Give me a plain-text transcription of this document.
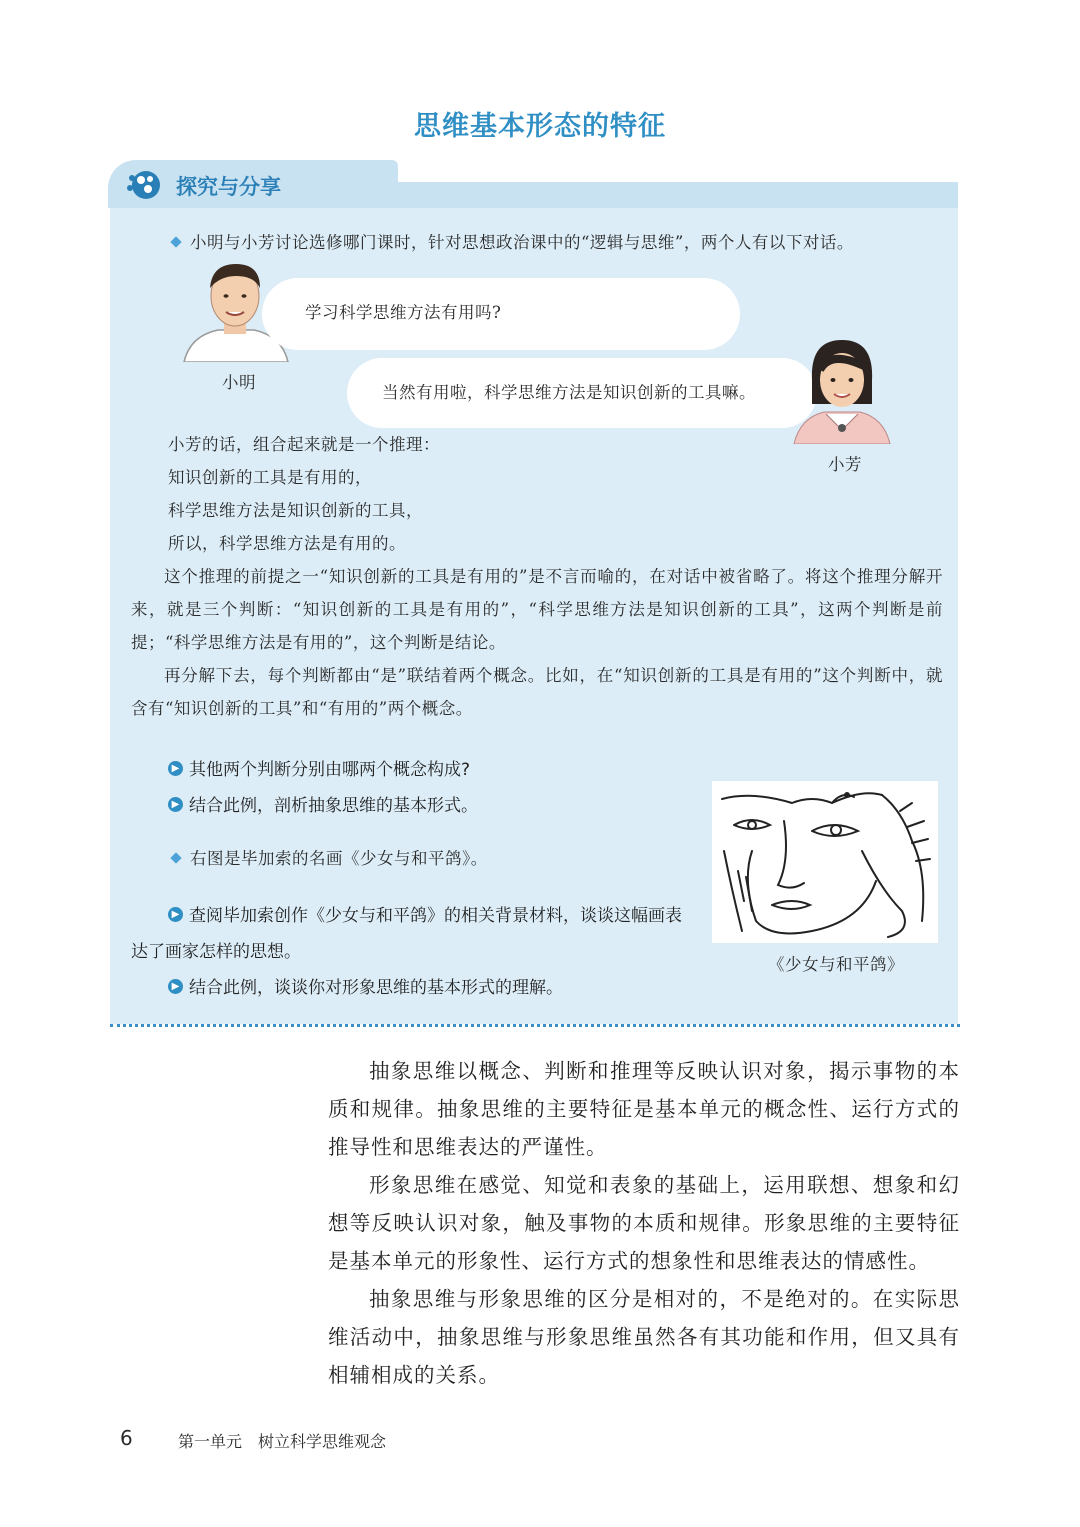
思维基本形态的特征
探究与分享
小明与小芳讨论选修哪门课时，针对思想政治课中的“逻辑与思维”，两个人有以下对话。
小明
学习科学思维方法有用吗?
当然有用啦，科学思维方法是知识创新的工具嘛。
小芳
小芳的话，组合起来就是一个推理：
知识创新的工具是有用的，
科学思维方法是知识创新的工具，
所以，科学思维方法是有用的。

这个推理的前提之一“知识创新的工具是有用的”是不言而喻的，在对话中被省略了。将这个推理分解开来，就是三个判断：“知识创新的工具是有用的”，“科学思维方法是知识创新的工具”，这两个判断是前提；“科学思维方法是有用的”，这个判断是结论。

再分解下去，每个判断都由“是”联结着两个概念。比如，在“知识创新的工具是有用的”这个判断中，就含有“知识创新的工具”和“有用的”两个概念。

▶ 其他两个判断分别由哪两个概念构成?
▶ 结合此例，剖析抽象思维的基本形式。
右图是毕加索的名画《少女与和平鸽》。
▶ 查阅毕加索创作《少女与和平鸽》的相关背景材料，谈谈这幅画表达了画家怎样的思想。
▶ 结合此例，谈谈你对形象思维的基本形式的理解。
《少女与和平鸽》

抽象思维以概念、判断和推理等反映认识对象，揭示事物的本质和规律。抽象思维的主要特征是基本单元的概念性、运行方式的推导性和思维表达的严谨性。

形象思维在感觉、知觉和表象的基础上，运用联想、想象和幻想等反映认识对象，触及事物的本质和规律。形象思维的主要特征是基本单元的形象性、运行方式的想象性和思维表达的情感性。

抽象思维与形象思维的区分是相对的，不是绝对的。在实际思维活动中，抽象思维与形象思维虽然各有其功能和作用，但又具有相辅相成的关系。

6	第一单元 树立科学思维观念
